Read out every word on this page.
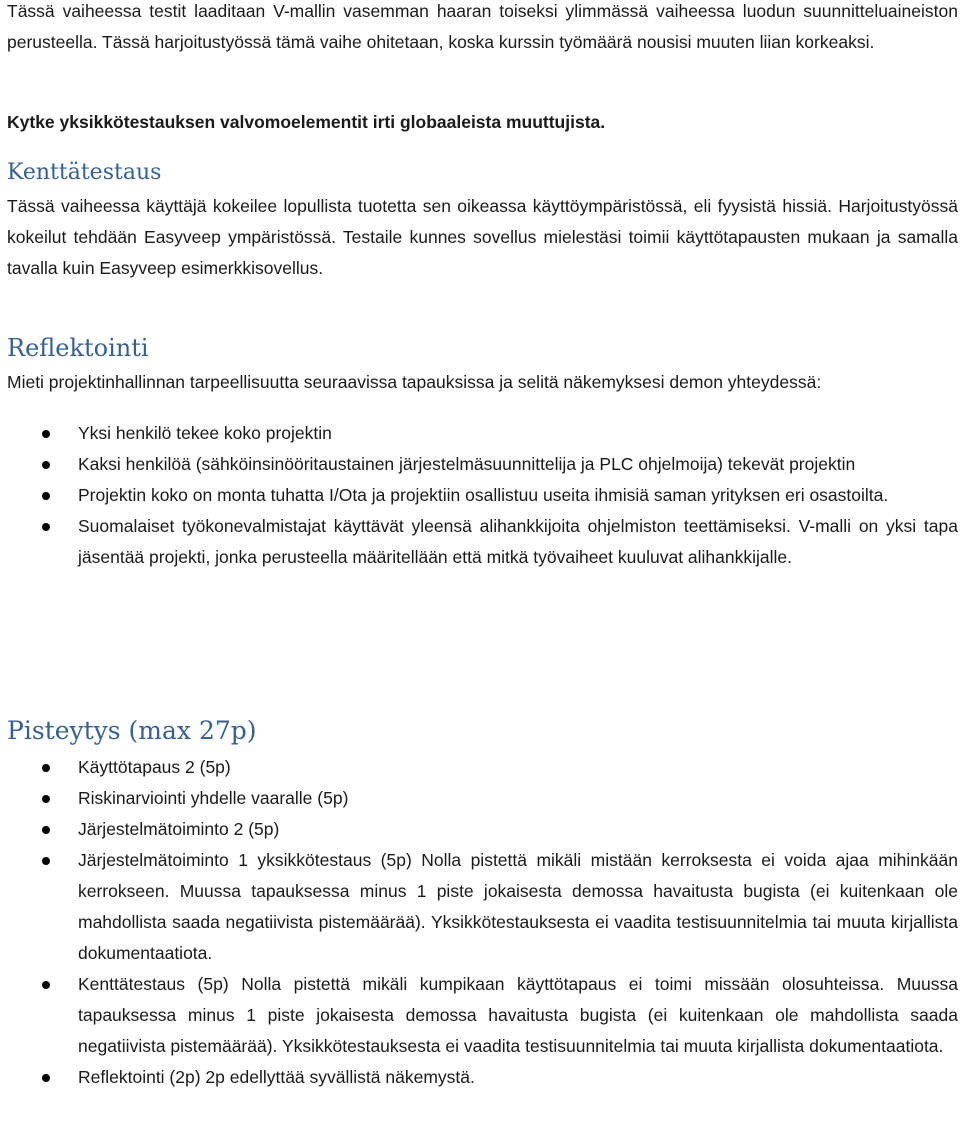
Tässä vaiheessa testit laaditaan V-mallin vasemman haaran toiseksi ylimmässä vaiheessa luodun suunnitteluaineiston perusteella. Tässä harjoitustyössä tämä vaihe ohitetaan, koska kurssin työmäärä nousisi muuten liian korkeaksi.

Kytke yksikkötestauksen valvomoelementit irti globaaleista muuttujista.

Kenttätestaus

Tässä vaiheessa käyttäjä kokeilee lopullista tuotetta sen oikeassa käyttöympäristössä, eli fyysistä hissiä. Harjoitustyössä kokeilut tehdään Easyveep ympäristössä. Testaile kunnes sovellus mielestäsi toimii käyttötapausten mukaan ja samalla tavalla kuin Easyveep esimerkkisovellus.

Reflektointi

Mieti projektinhallinnan tarpeellisuutta seuraavissa tapauksissa ja selitä näkemyksesi demon yhteydessä:

Yksi henkilö tekee koko projektin
Kaksi henkilöä (sähköinsinööritaustainen järjestelmäsuunnittelija ja PLC ohjelmoija) tekevät projektin
Projektin koko on monta tuhatta I/Ota ja projektiin osallistuu useita ihmisiä saman yrityksen eri osastoilta.
Suomalaiset työkonevalmistajat käyttävät yleensä alihankkijoita ohjelmiston teettämiseksi. V-malli on yksi tapa jäsentää projekti, jonka perusteella määritellään että mitkä työvaiheet kuuluvat alihankkijalle.
Pisteytys (max 27p)
Käyttötapaus 2 (5p)
Riskinarviointi yhdelle vaaralle (5p)
Järjestelmätoiminto 2 (5p)
Järjestelmätoiminto 1 yksikkötestaus (5p) Nolla pistettä mikäli mistään kerroksesta ei voida ajaa mihinkään kerrokseen. Muussa tapauksessa minus 1 piste jokaisesta demossa havaitusta bugista (ei kuitenkaan ole mahdollista saada negatiivista pistemäärää). Yksikkötestauksesta ei vaadita testisuunnitelmia tai muuta kirjallista dokumentaatiota.
Kenttätestaus (5p) Nolla pistettä mikäli kumpikaan käyttötapaus ei toimi missään olosuhteissa. Muussa tapauksessa minus 1 piste jokaisesta demossa havaitusta bugista (ei kuitenkaan ole mahdollista saada negatiivista pistemäärää). Yksikkötestauksesta ei vaadita testisuunnitelmia tai muuta kirjallista dokumentaatiota.
Reflektointi (2p) 2p edellyttää syvällistä näkemystä.
